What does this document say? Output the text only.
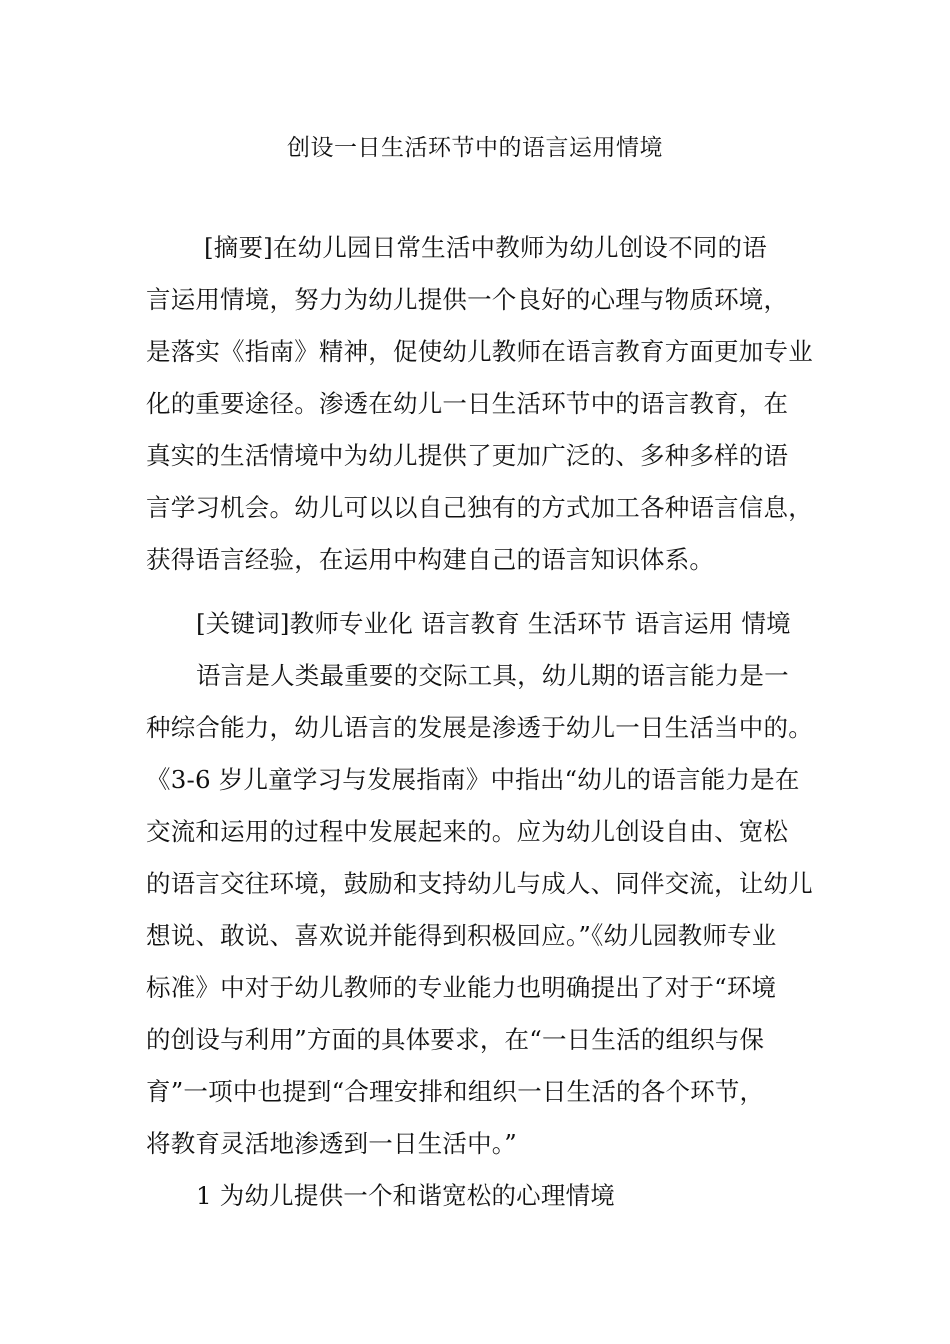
创设一日生活环节中的语言运用情境
[摘要]在幼儿园日常生活中教师为幼儿创设不同的语
言运用情境，努力为幼儿提供一个良好的心理与物质环境，
是落实《指南》精神，促使幼儿教师在语言教育方面更加专业
化的重要途径。渗透在幼儿一日生活环节中的语言教育，在
真实的生活情境中为幼儿提供了更加广泛的、多种多样的语
言学习机会。幼儿可以以自己独有的方式加工各种语言信息，
获得语言经验，在运用中构建自己的语言知识体系。
[关键词]教师专业化 语言教育 生活环节 语言运用 情境
语言是人类最重要的交际工具，幼儿期的语言能力是一
种综合能力，幼儿语言的发展是渗透于幼儿一日生活当中的。
《3-6 岁儿童学习与发展指南》中指出“幼儿的语言能力是在
交流和运用的过程中发展起来的。应为幼儿创设自由、宽松
的语言交往环境，鼓励和支持幼儿与成人、同伴交流，让幼儿
想说、敢说、喜欢说并能得到积极回应。”《幼儿园教师专业
标准》中对于幼儿教师的专业能力也明确提出了对于“环境
的创设与利用”方面的具体要求，在“一日生活的组织与保
育”一项中也提到“合理安排和组织一日生活的各个环节，
将教育灵活地渗透到一日生活中。”
1 为幼儿提供一个和谐宽松的心理情境
